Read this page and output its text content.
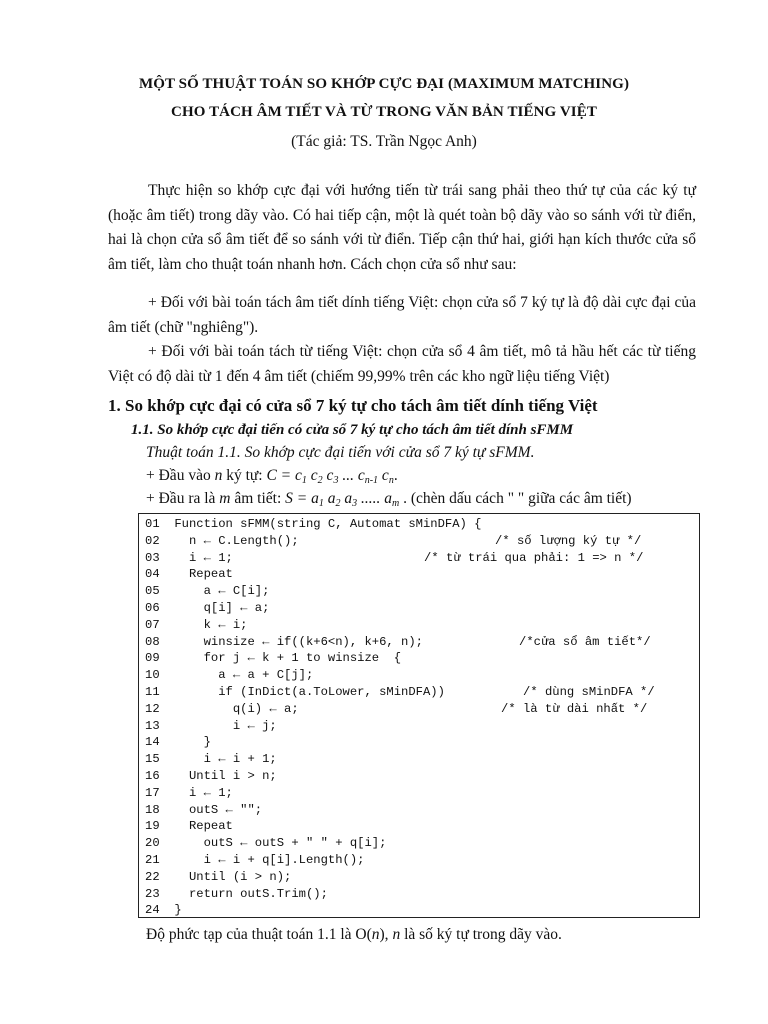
MỘT SỐ THUẬT TOÁN SO KHỚP CỰC ĐẠI (MAXIMUM MATCHING)
CHO TÁCH ÂM TIẾT VÀ TỪ TRONG VĂN BẢN TIẾNG VIỆT
(Tác giả: TS. Trần Ngọc Anh)
Thực hiện so khớp cực đại với hướng tiến từ trái sang phải theo thứ tự của các ký tự (hoặc âm tiết) trong dãy vào. Có hai tiếp cận, một là quét toàn bộ dãy vào so sánh với từ điển, hai là chọn cửa sổ âm tiết để so sánh với từ điển. Tiếp cận thứ hai, giới hạn kích thước cửa sổ âm tiết, làm cho thuật toán nhanh hơn. Cách chọn cửa sổ như sau:
+ Đối với bài toán tách âm tiết dính tiếng Việt: chọn cửa sổ 7 ký tự là độ dài cực đại của âm tiết (chữ "nghiêng").
+ Đối với bài toán tách từ tiếng Việt: chọn cửa sổ 4 âm tiết, mô tả hầu hết các từ tiếng Việt có độ dài từ 1 đến 4 âm tiết (chiếm 99,99% trên các kho ngữ liệu tiếng Việt)
1. So khớp cực đại có cửa sổ 7 ký tự cho tách âm tiết dính tiếng Việt
1.1. So khớp cực đại tiến có cửa sổ 7 ký tự cho tách âm tiết dính sFMM
Thuật toán 1.1. So khớp cực đại tiến với cửa sổ 7 ký tự sFMM.
+ Đầu vào n ký tự: $C = c_1$ $c_2$ $c_3$ ... $c_{n-1}$ $c_n$.
+ Đầu ra là m âm tiết: $S = a_1$ $a_2$ $a_3$ ..... $a_m$ . (chèn dấu cách " " giữa các âm tiết)
01 Function sFMM(string C, Automat sMinDFA) {
02   n ← C.Length();	/* số lượng ký tự */
03   i ← 1;	/* từ trái qua phải: 1 => n */
04   Repeat
05     a ← C[i];
06     q[i] ← a;
07     k ← i;
08     winsize ← if((k+6<n), k+6, n);	/*cửa sổ âm tiết*/
09     for j ← k + 1 to winsize  {
10       a ← a + C[j];
11       if (InDict(a.ToLower, sMinDFA))	/* dùng sMinDFA */
12         q(i) ← a;	/* là từ dài nhất */
13         i ← j;
14     }
15     i ← i + 1;
16   Until i > n;
17   i ← 1;
18   outS ← "";
19   Repeat
20     outS ← outS + " " + q[i];
21     i ← i + q[i].Length();
22   Until (i > n);
23   return outS.Trim();
24 }
Độ phức tạp của thuật toán 1.1 là O(n), n là số ký tự trong dãy vào.
